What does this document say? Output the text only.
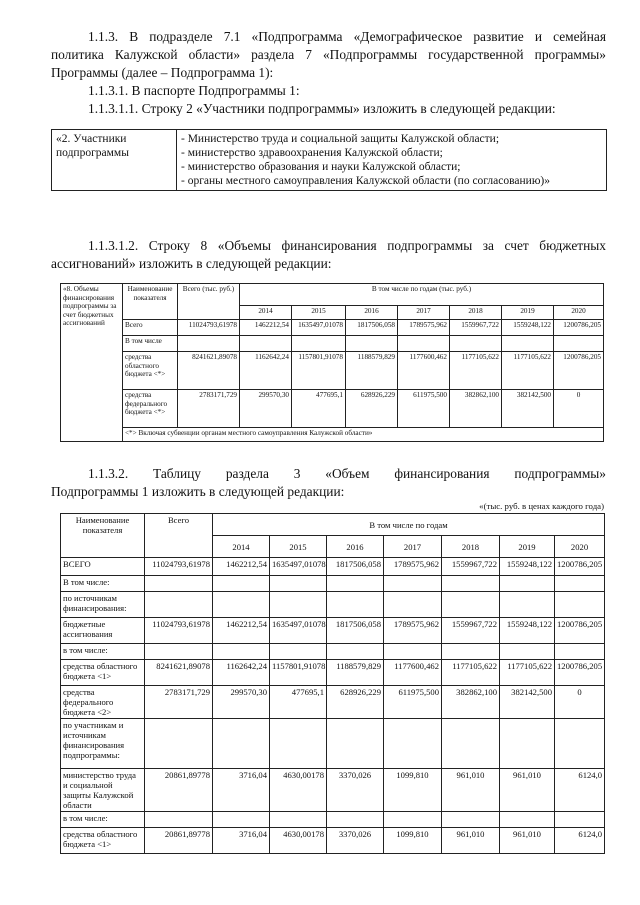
1.1.3. В подразделе 7.1 «Подпрограмма «Демографическое развитие и семейная
политика Калужской области» раздела 7 «Подпрограммы государственной программы»
Программы (далее – Подпрограмма 1):
1.1.3.1. В паспорте Подпрограммы 1:
1.1.3.1.1. Строку 2 «Участники подпрограммы» изложить в следующей редакции:
«2. Участники подпрограммы	
- Министерство труда и социальной защиты Калужской области;
- министерство здравоохранения Калужской области;
- министерство образования и науки Калужской области;
- органы местного самоуправления Калужской области (по согласованию)»
1.1.3.1.2. Строку 8 «Объемы финансирования подпрограммы за счет бюджетных
ассигнований» изложить в следующей редакции:
«8. Объемы финансирования подпрограммы за счет бюджетных ассигнований	Наименование показателя	Всего (тыс. руб.)	В том числе по годам (тыс. руб.)						
			2014	2015	2016	2017	2018	2019	2020
	Всего	11024793,61978	1462212,54	1635497,01078	1817506,058	1789575,962	1559967,722	1559248,122	1200786,205
	В том числе								
	средства областного бюджета <*>	8241621,89078	1162642,24	1157801,91078	1188579,829	1177600,462	1177105,622	1177105,622	1200786,205
	средства федерального бюджета <*>	2783171,729	299570,30	477695,1	628926,229	611975,500	382862,100	382142,500	0
	<*> Включая субвенции органам местного самоуправления Калужской области»								
1.1.3.2. Таблицу раздела 3 «Объем финансирования подпрограммы»
Подпрограммы 1 изложить в следующей редакции:
«(тыс. руб. в ценах каждого года)
Наименование показателя	Всего	В том числе по годам						
		2014	2015	2016	2017	2018	2019	2020
ВСЕГО	11024793,61978	1462212,54	1635497,01078	1817506,058	1789575,962	1559967,722	1559248,122	1200786,205
В том числе:								
по источникам финансирования:								
бюджетные ассигнования	11024793,61978	1462212,54	1635497,01078	1817506,058	1789575,962	1559967,722	1559248,122	1200786,205
в том числе:								
средства областного бюджета <1>	8241621,89078	1162642,24	1157801,91078	1188579,829	1177600,462	1177105,622	1177105,622	1200786,205
средства федерального бюджета <2>	2783171,729	299570,30	477695,1	628926,229	611975,500	382862,100	382142,500	0
по участникам и источникам финансирования подпрограммы:								
министерство труда и социальной защиты Калужской области	20861,89778	3716,04	4630,00178	3370,026	1099,810	961,010	961,010	6124,0
в том числе:								
средства областного бюджета <1>	20861,89778	3716,04	4630,00178	3370,026	1099,810	961,010	961,010	6124,0
